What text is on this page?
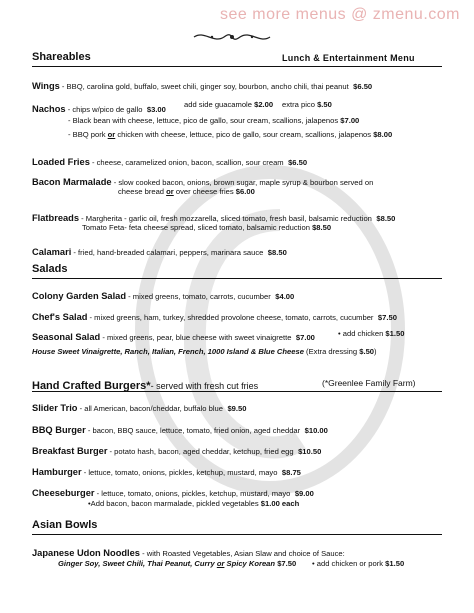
see more menus @ zmenu.com
Shareables	Lunch & Entertainment Menu
Wings - BBQ, carolina gold, buffalo, sweet chili, ginger soy, bourbon, ancho chili, thai peanut $6.50
Nachos - chips w/pico de gallo $3.00
add side guacamole $2.00 extra pico $.50
- Black bean with cheese, lettuce, pico de gallo, sour cream, scallions, jalapenos $7.00
- BBQ pork or chicken with cheese, lettuce, pico de gallo, sour cream, scallions, jalapenos $8.00
Loaded Fries - cheese, caramelized onion, bacon, scallion, sour cream $6.50
Bacon Marmalade - slow cooked bacon, onions, brown sugar, maple syrup & bourbon served on
cheese bread or over cheese fries $6.00
Flatbreads - Margherita - garlic oil, fresh mozzarella, sliced tomato, fresh basil, balsamic reduction $8.50
Tomato Feta- feta cheese spread, sliced tomato, balsamic reduction $8.50
Calamari - fried, hand-breaded calamari, peppers, marinara sauce $8.50
Salads
Colony Garden Salad - mixed greens, tomato, carrots, cucumber $4.00
Chef's Salad - mixed greens, ham, turkey, shredded provolone cheese, tomato, carrots, cucumber $7.50
Seasonal Salad - mixed greens, pear, blue cheese with sweet vinaigrette $7.00	• add chicken $1.50
House Sweet Vinaigrette, Ranch, Italian, French, 1000 Island & Blue Cheese (Extra dressing $.50)
Hand Crafted Burgers*- served with fresh cut fries	(*Greenlee Family Farm)
Slider Trio - all American, bacon/cheddar, buffalo blue $9.50
BBQ Burger - bacon, BBQ sauce, lettuce, tomato, fried onion, aged cheddar $10.00
Breakfast Burger - potato hash, bacon, aged cheddar, ketchup, fried egg $10.50
Hamburger - lettuce, tomato, onions, pickles, ketchup, mustard, mayo $8.75
Cheeseburger - lettuce, tomato, onions, pickles, ketchup, mustard, mayo $9.00
•Add bacon, bacon marmalade, pickled vegetables $1.00 each
Asian Bowls
Japanese Udon Noodles - with Roasted Vegetables, Asian Slaw and choice of Sauce:
Ginger Soy, Sweet Chili, Thai Peanut, Curry or Spicy Korean $7.50 • add chicken or pork $1.50
